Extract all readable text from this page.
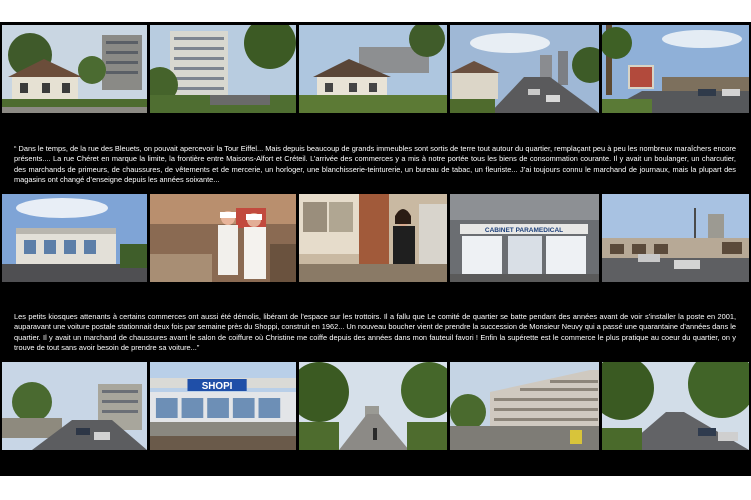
“ Dans le temps, de la rue des Bleuets, on pouvait apercevoir la Tour Eiffel... Mais depuis beaucoup de grands immeubles sont sortis de terre tout autour du quartier, remplaçant peu à peu les nombreux maraîchers encore présents.... La rue Chéret en marque la limite, la frontière entre Maisons-Alfort et Créteil. L’arrivée des commerces y a mis à notre portée tous les biens de consommation courante. Il y avait un boulanger, un charcutier, des marchands de primeurs, de chaussures, de vêtements et de mercerie, un horloger, une blanchisserie-teinturerie, un bureau de tabac, un fleuriste... J’ai toujours connu le marchand de journaux, mais la plupart des magasins ont changé d’enseigne depuis les années soixante...
CABINET PARAMEDICAL
Les petits kiosques attenants à certains commerces ont aussi été démolis, libérant de l’espace sur les trottoirs. Il a fallu que Le comité de quartier se batte pendant des années avant de voir s’installer la poste en 2001, auparavant une voiture postale stationnait deux fois par semaine près du Shoppi, construit en 1962... Un nouveau boucher vient de prendre la succession de Monsieur Neuvy qui a passé une quarantaine d’années dans le quartier. Il y avait un marchand de chaussures avant le salon de coiffure où Christine me coiffe depuis des années dans mon fauteuil favori ! Enfin la supérette est le commerce le plus pratique au coeur du quartier, on y trouve de tout sans avoir besoin de prendre sa voiture...”
SHOPI
